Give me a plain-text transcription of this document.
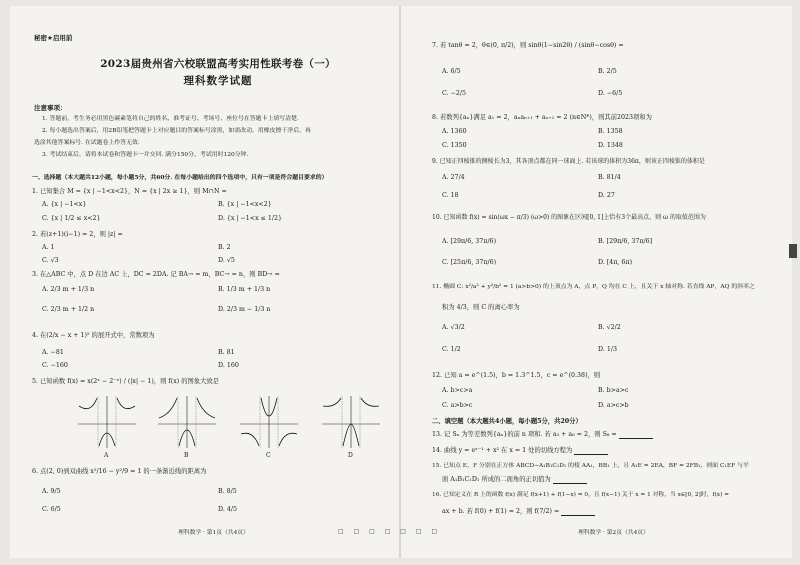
秘密★启用前
2023届贵州省六校联盟高考实用性联考卷（一）
理科数学试题
注意事项：
1. 答题前，考生务必用黑色碳素笔将自己的姓名、准考证号、考场号、座位号在答题卡上填写清楚.
2. 每小题选出答案后，用2B铅笔把答题卡上对应题目的答案标号涂黑，如需改动，用橡皮擦干净后，再
选涂其他答案标号. 在试题卷上作答无效.
3. 考试结束后，请将本试卷和答题卡一并交回. 满分150分，考试用时120分钟.
一、选择题（本大题共12小题，每小题5分，共60分. 在每小题给出的四个选项中，只有一项是符合题目要求的）
1. 已知集合 M = {x | −1<x<2}，N = {x | 2x ≥ 1}，则 M∩N =
A. {x | −1<x}	B. {x | −1<x<2}
C. {x | 1/2 ≤ x<2}	D. {x | −1<x ≤ 1/2}
2. 若(z+1)(i−1) = 2，则 |z| =
A. 1	B. 2
C. √3	D. √5
3. 在△ABC 中，点 D 在边 AC 上，DC = 2DA. 记 BA→ = m，BC→ = n，则 BD→ =
A. 2/3 m + 1/3 n	B. 1/3 m + 1/3 n
C. 2/3 m + 1/2 n	D. 2/3 m − 1/3 n
4. 在(2/x − x + 1)⁵ 的展开式中，常数项为
A. −81	B. 81
C. −160	D. 160
5. 已知函数 f(x) = x(2ˣ − 2⁻ˣ) / (|x| − 1)，则 f(x) 的图象大致是
A	B	C	D
6. 点(2, 0)到双曲线 x²/16 − y²/9 = 1 的一条渐近线的距离为
A. 9/5	B. 8/5
C. 6/5	D. 4/5
理科数学 · 第1页（共4页）	□ □ □ □ □ □ □
7. 若 tanθ = 2，θ∈(0, π/2)，则 sinθ(1−sin2θ) / (sinθ−cosθ) =
A. 6/5	B. 2/5
C. −2/5	D. −6/5
8. 若数列{aₙ}满足 a₁ = 2，aₙaₙ₊₁ + aₙ₊₁ = 2 (n∈N*)，则其前2023项和为
A. 1360	B. 1358
C. 1350	D. 1348
9. 已知正四棱锥的侧棱长为3，其各顶点都在同一球面上. 若该球的体积为36π，则该正四棱锥的体积是
A. 27/4	B. 81/4
C. 18	D. 27
10. 已知函数 f(x) = sin(ωx − π/3) (ω>0) 的图象在区间[0, 1]上恰有3个最高点，则 ω 的取值范围为
A. [29π/6, 37π/6)	B. [29π/6, 37π/6]
C. [25π/6, 37π/6)	D. [4π, 6π)
11. 椭圆 C: x²/a² + y²/b² = 1 (a>b>0) 的上顶点为 A，点 P，Q 均在 C 上，且关于 x 轴对称. 若直线 AP，AQ 的斜率之
积为 4/3，则 C 的离心率为
A. √3/2	B. √2/2
C. 1/2	D. 1/3
12. 已知 a = e^(1.5)，b = 1.3^1.5，c = e^(0.38)，则
A. b>c>a	B. b>a>c
C. a>b>c	D. a>c>b
二、填空题（本大题共4小题，每小题5分，共20分）
13. 记 Sₙ 为等差数列{aₙ}的前 n 项和. 若 a₃ + a₆ = 2，则 S₈ =
14. 曲线 y = eˣ⁻¹ + x² 在 x = 1 处的切线方程为
15. 已知点 E，F 分别在正方体 ABCD−A₁B₁C₁D₁ 的棱 AA₁，BB₁ 上，且 A₁E = 2EA，BF = 2FB₁，则面 C₁EF 与平
面 A₁B₁C₁D₁ 所成的二面角的正切值为
16. 已知定义在 R 上的函数 f(x) 满足 f(x+1) + f(1−x) = 0，且 f(x−1) 关于 x = 1 对称，当 x∈[0, 2]时，f(x) =
ax + b. 若 f(0) + f(1) = 2，则 f(7/2) =
理科数学 · 第2页（共4页）
